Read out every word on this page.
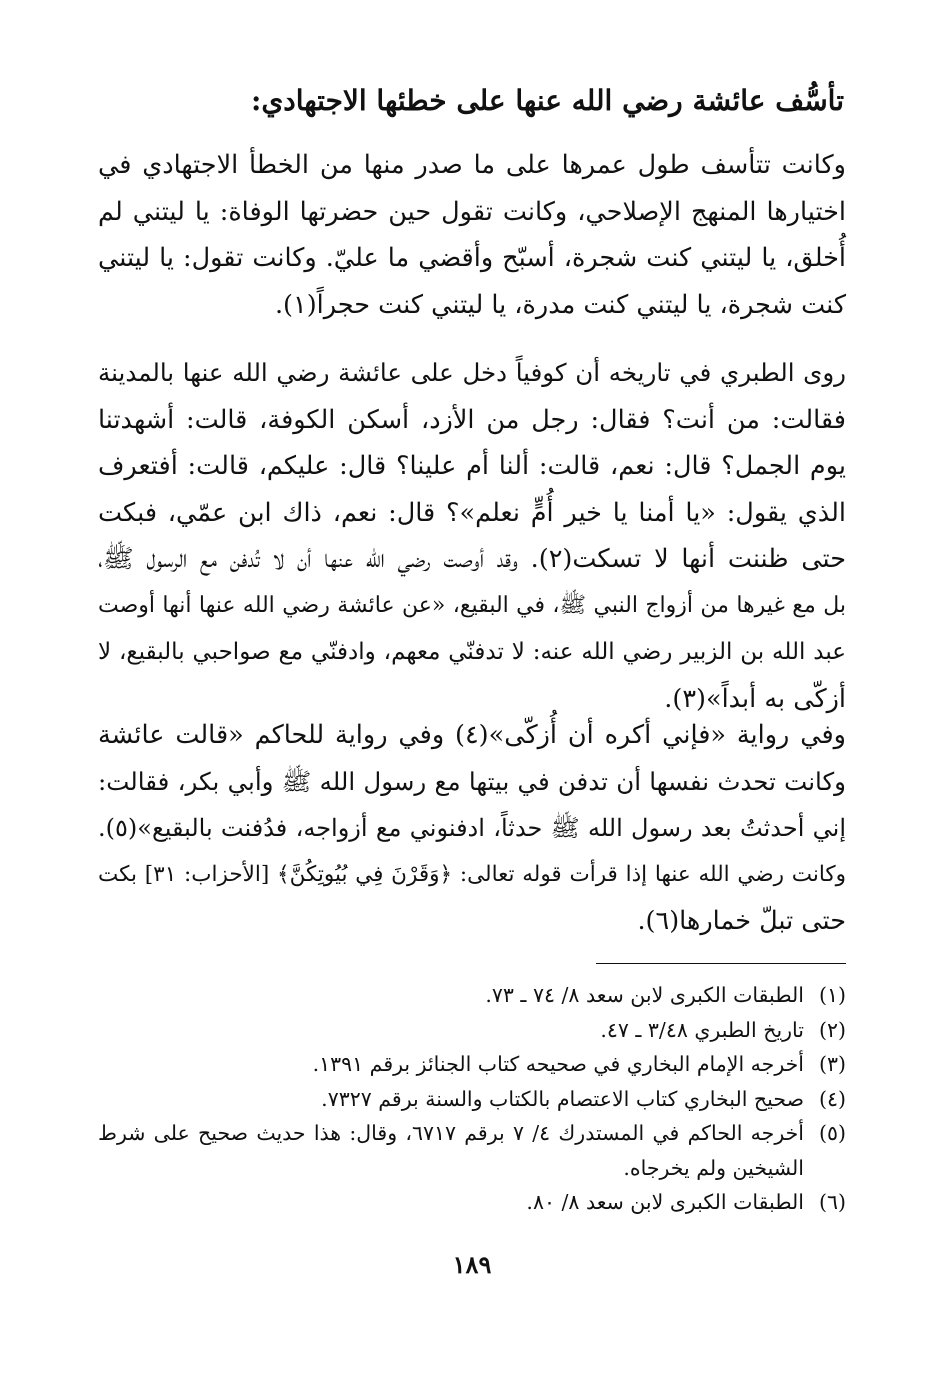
تأسُّف عائشة رضي الله عنها على خطئها الاجتهادي:
وكانت تتأسف طول عمرها على ما صدر منها من الخطأ الاجتهادي في
اختيارها المنهج الإصلاحي، وكانت تقول حين حضرتها الوفاة: يا ليتني لم
أُخلق، يا ليتني كنت شجرة، أسبّح وأقضي ما عليّ. وكانت تقول: يا ليتني
كنت شجرة، يا ليتني كنت مدرة، يا ليتني كنت حجراً(١).
روى الطبري في تاريخه أن كوفياً دخل على عائشة رضي الله عنها بالمدينة
فقالت: من أنت؟ فقال: رجل من الأزد، أسكن الكوفة، قالت: أشهدتنا
يوم الجمل؟ قال: نعم، قالت: ألنا أم علينا؟ قال: عليكم، قالت: أفتعرف
الذي يقول: «يا أمنا يا خير أُمٍّ نعلم»؟ قال: نعم، ذاك ابن عمّي، فبكت
حتى ظننت أنها لا تسكت(٢). وقد أوصت رضي الله عنها أن لا تُدفن مع الرسول ﷺ،
بل مع غيرها من أزواج النبي ﷺ، في البقيع، «عن عائشة رضي الله عنها أنها أوصت
عبد الله بن الزبير رضي الله عنه: لا تدفنّي معهم، وادفنّي مع صواحبي بالبقيع، لا
أزكّى به أبداً»(٣).
وفي رواية «فإني أكره أن أُزكّى»(٤) وفي رواية للحاكم «قالت عائشة
وكانت تحدث نفسها أن تدفن في بيتها مع رسول الله ﷺ وأبي بكر، فقالت:
إني أحدثتُ بعد رسول الله ﷺ حدثاً، ادفنوني مع أزواجه، فدُفنت بالبقيع»(٥).
وكانت رضي الله عنها إذا قرأت قوله تعالى: ﴿وَقَرْنَ فِي بُيُوتِكُنَّ﴾ [الأحزاب: ٣١] بكت
حتى تبلّ خمارها(٦).
(١)
الطبقات الكبرى لابن سعد ٨/ ٧٤ ـ ٧٣.
(٢)
تاريخ الطبري ٣/٤٨ ـ ٤٧.
(٣)
أخرجه الإمام البخاري في صحيحه كتاب الجنائز برقم ١٣٩١.
(٤)
صحيح البخاري كتاب الاعتصام بالكتاب والسنة برقم ٧٣٢٧.
(٥)
أخرجه الحاكم في المستدرك ٤/ ٧ برقم ٦٧١٧، وقال: هذا حديث صحيح على شرط الشيخين ولم يخرجاه.
(٦)
الطبقات الكبرى لابن سعد ٨/ ٨٠.
١٨٩
